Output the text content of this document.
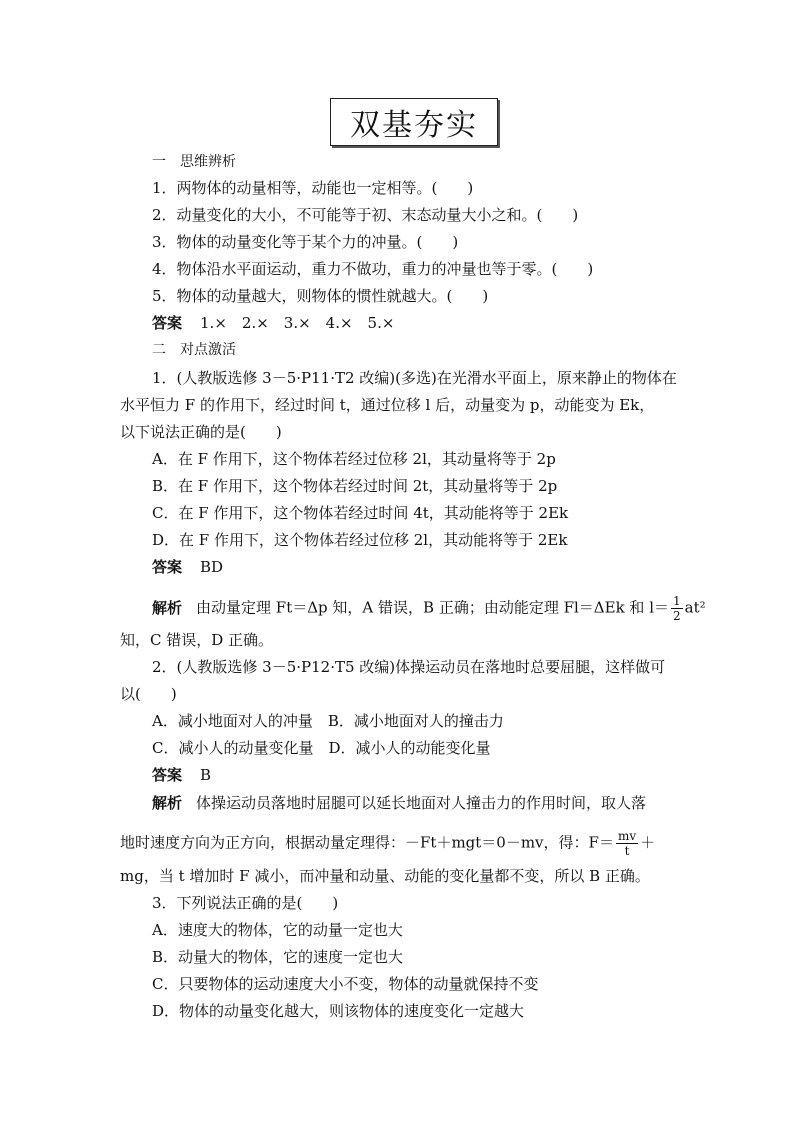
双基夯实
一　思维辨析
1．两物体的动量相等，动能也一定相等。(　　)
2．动量变化的大小，不可能等于初、末态动量大小之和。(　　)
3．物体的动量变化等于某个力的冲量。(　　)
4．物体沿水平面运动，重力不做功，重力的冲量也等于零。(　　)
5．物体的动量越大，则物体的惯性就越大。(　　)
答案 1.×　2.×　3.×　4.×　5.×
二　对点激活
1．(人教版选修 3－5·P11·T2 改编)(多选)在光滑水平面上，原来静止的物体在
水平恒力 F 的作用下，经过时间 t，通过位移 l 后，动量变为 p，动能变为 Ek，
以下说法正确的是(　　)
A．在 F 作用下，这个物体若经过位移 2l，其动量将等于 2p
B．在 F 作用下，这个物体若经过时间 2t，其动量将等于 2p
C．在 F 作用下，这个物体若经过时间 4t，其动能将等于 2Ek
D．在 F 作用下，这个物体若经过位移 2l，其动能将等于 2Ek
答案 BD
解析 由动量定理 Ft＝Δp 知，A 错误，B 正确；由动能定理 Fl＝ΔEk 和 $l= \frac{1}{2} at^2$
知，C 错误，D 正确。
2．(人教版选修 3－5·P12·T5 改编)体操运动员在落地时总要屈腿，这样做可
以(　　)
A．减小地面对人的冲量　B．减小地面对人的撞击力
C．减小人的动量变化量　D．减小人的动能变化量
答案 B
解析 体操运动员落地时屈腿可以延长地面对人撞击力的作用时间，取人落
地时速度方向为正方向，根据动量定理得：－Ft＋mgt＝0－mv，得：$F= \frac{mv}{t}$ ＋
mg，当 t 增加时 F 减小，而冲量和动量、动能的变化量都不变，所以 B 正确。
3．下列说法正确的是(　　)
A．速度大的物体，它的动量一定也大
B．动量大的物体，它的速度一定也大
C．只要物体的运动速度大小不变，物体的动量就保持不变
D．物体的动量变化越大，则该物体的速度变化一定越大
